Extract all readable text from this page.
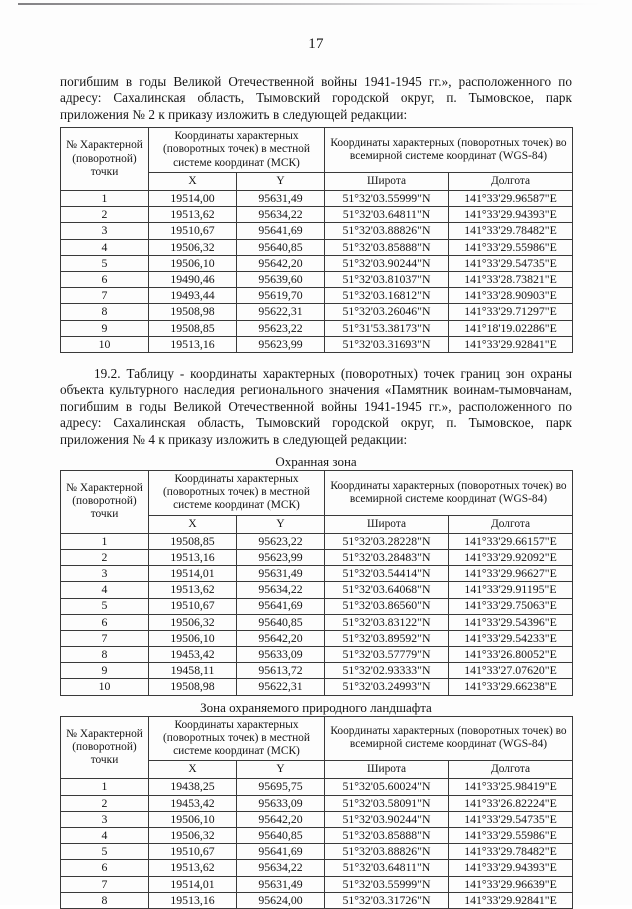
17

погибшим в годы Великой Отечественной войны 1941-1945 гг.», расположенного по адресу: Сахалинская область, Тымовский городской округ, п. Тымовское, парк приложения № 2 к приказу изложить в следующей редакции:

№ Характерной (поворотной) точки	Координаты характерных (поворотных точек) в местной системе координат (МСК)		Координаты характерных (поворотных точек) во всемирной системе координат (WGS-84)	
	X	Y	Широта	Долгота
1	19514,00	95631,49	51°32'03.55999"N	141°33'29.96587"E
2	19513,62	95634,22	51°32'03.64811"N	141°33'29.94393"E
3	19510,67	95641,69	51°32'03.88826"N	141°33'29.78482"E
4	19506,32	95640,85	51°32'03.85888"N	141°33'29.55986"E
5	19506,10	95642,20	51°32'03.90244"N	141°33'29.54735"E
6	19490,46	95639,60	51°32'03.81037"N	141°33'28.73821"E
7	19493,44	95619,70	51°32'03.16812"N	141°33'28.90903"E
8	19508,98	95622,31	51°32'03.26046"N	141°33'29.71297"E
9	19508,85	95623,22	51°31'53.38173"N	141°18'19.02286"E
10	19513,16	95623,99	51°32'03.31693"N	141°33'29.92841"E

19.2. Таблицу - координаты характерных (поворотных) точек границ зон охраны объекта культурного наследия регионального значения «Памятник воинам-тымовчанам, погибшим в годы Великой Отечественной войны 1941-1945 гг.», расположенного по адресу: Сахалинская область, Тымовский городской округ, п. Тымовское, парк приложения № 4 к приказу изложить в следующей редакции:

Охранная зона
№ Характерной (поворотной) точки	Координаты характерных (поворотных точек) в местной системе координат (МСК)		Координаты характерных (поворотных точек) во всемирной системе координат (WGS-84)	
	X	Y	Широта	Долгота
1	19508,85	95623,22	51°32'03.28228"N	141°33'29.66157"E
2	19513,16	95623,99	51°32'03.28483"N	141°33'29.92092"E
3	19514,01	95631,49	51°32'03.54414"N	141°33'29.96627"E
4	19513,62	95634,22	51°32'03.64068"N	141°33'29.91195"E
5	19510,67	95641,69	51°32'03.86560"N	141°33'29.75063"E
6	19506,32	95640,85	51°32'03.83122"N	141°33'29.54396"E
7	19506,10	95642,20	51°32'03.89592"N	141°33'29.54233"E
8	19453,42	95633,09	51°32'03.57779"N	141°33'26.80052"E
9	19458,11	95613,72	51°32'02.93333"N	141°33'27.07620"E
10	19508,98	95622,31	51°32'03.24993"N	141°33'29.66238"E
Зона охраняемого природного ландшафта
№ Характерной (поворотной) точки	Координаты характерных (поворотных точек) в местной системе координат (МСК)		Координаты характерных (поворотных точек) во всемирной системе координат (WGS-84)	
	X	Y	Широта	Долгота
1	19438,25	95695,75	51°32'05.60024"N	141°33'25.98419"E
2	19453,42	95633,09	51°32'03.58091"N	141°33'26.82224"E
3	19506,10	95642,20	51°32'03.90244"N	141°33'29.54735"E
4	19506,32	95640,85	51°32'03.85888"N	141°33'29.55986"E
5	19510,67	95641,69	51°32'03.88826"N	141°33'29.78482"E
6	19513,62	95634,22	51°32'03.64811"N	141°33'29.94393"E
7	19514,01	95631,49	51°32'03.55999"N	141°33'29.96639"E
8	19513,16	95624,00	51°32'03.31726"N	141°33'29.92841"E
